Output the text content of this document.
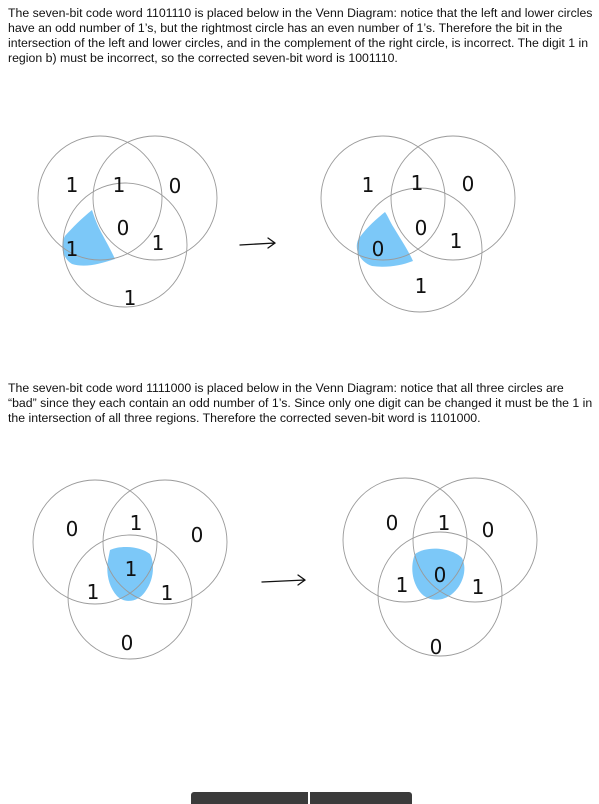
The seven-bit code word 1101110 is placed below in the Venn Diagram: notice that the left and lower circles have an odd number of 1’s, but the rightmost circle has an even number of 1’s. Therefore the bit in the intersection of the left and lower circles, and in the complement of the right circle, is incorrect. The digit 1 in region b) must be incorrect, so the corrected seven-bit word is 1001110.

1 1 0
0
1	1
1
1 1 0
0
0	1
1

The seven-bit code word 1111000 is placed below in the Venn Diagram: notice that all three circles are “bad” since they each contain an odd number of 1’s. Since only one digit can be changed it must be the 1 in the intersection of all three regions. Therefore the corrected seven-bit word is 1101000.

0	1 0
1
1	1
0
0 1 0
0
1	1
0
